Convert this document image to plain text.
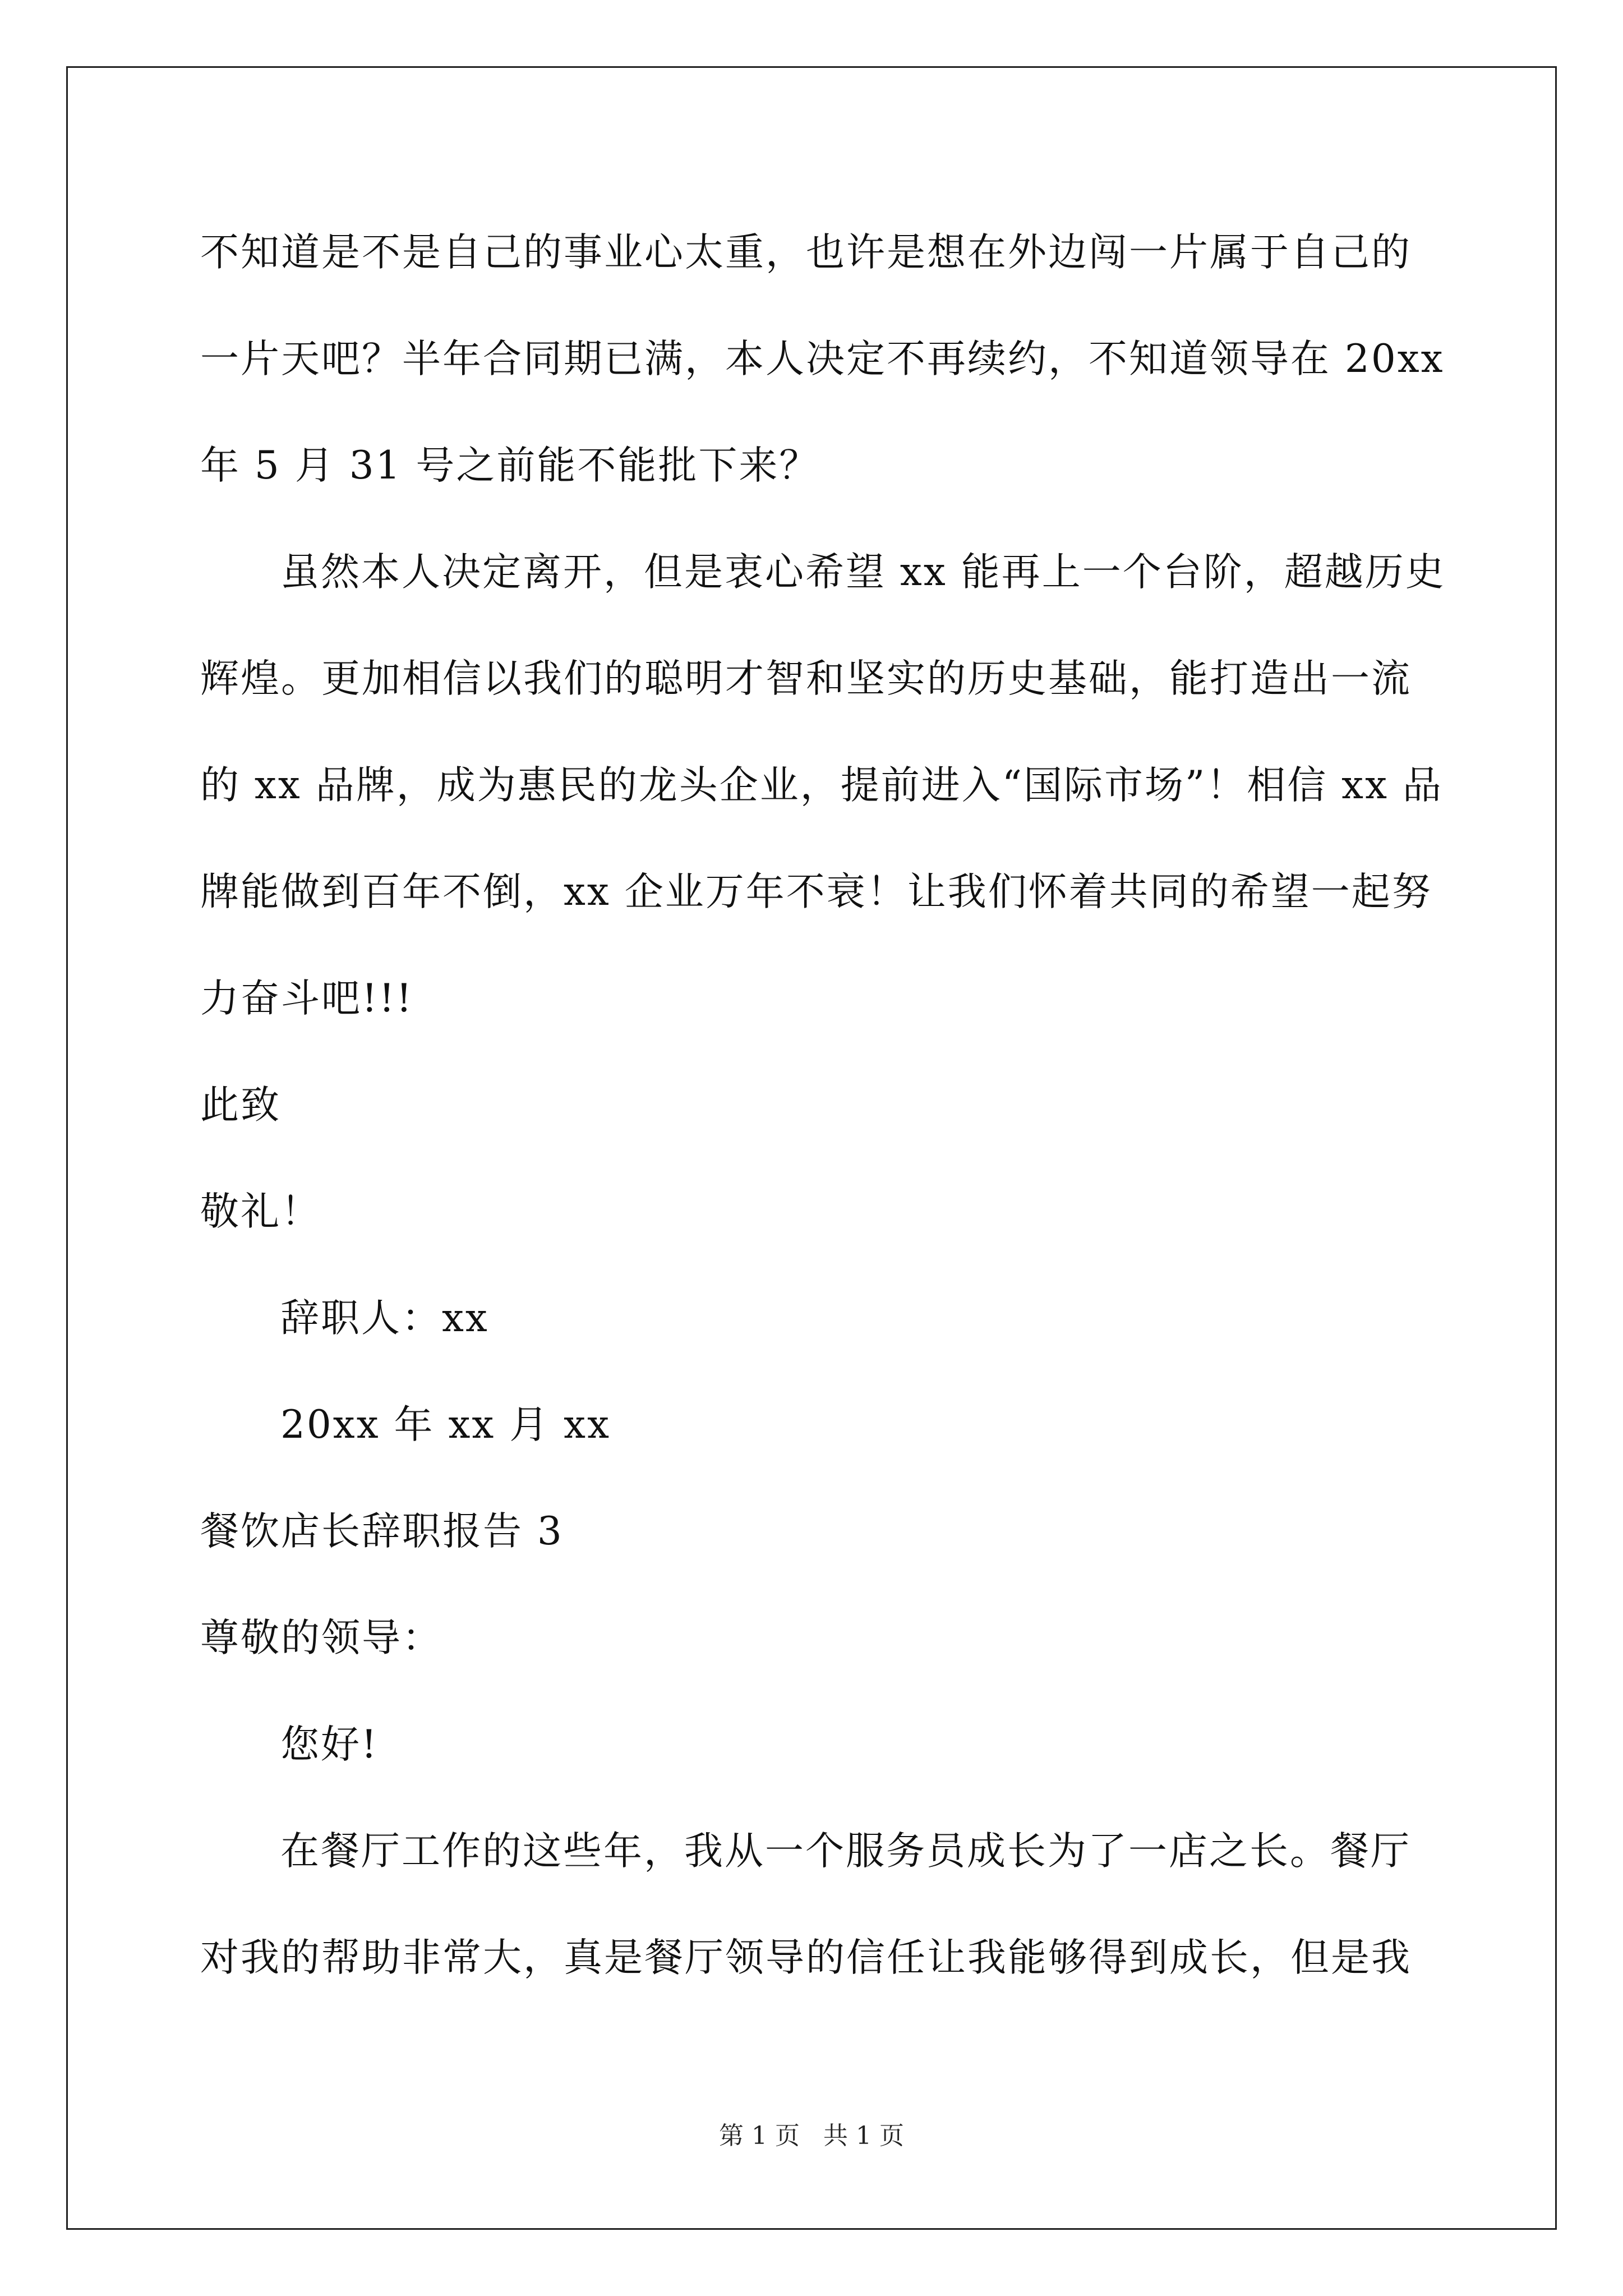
不知道是不是自己的事业心太重，也许是想在外边闯一片属于自己的
一片天吧？半年合同期已满，本人决定不再续约，不知道领导在 20xx
年 5 月 31 号之前能不能批下来？
虽然本人决定离开，但是衷心希望 xx 能再上一个台阶，超越历史
辉煌。更加相信以我们的聪明才智和坚实的历史基础，能打造出一流
的 xx 品牌，成为惠民的龙头企业，提前进入“国际市场”！相信 xx 品
牌能做到百年不倒，xx 企业万年不衰！让我们怀着共同的希望一起努
力奋斗吧!!!
此致
敬礼！
辞职人：xx
20xx 年 xx 月 xx
餐饮店长辞职报告 3
尊敬的领导：
您好!
在餐厅工作的这些年，我从一个服务员成长为了一店之长。餐厅
对我的帮助非常大，真是餐厅领导的信任让我能够得到成长，但是我
第 1 页   共 1 页
